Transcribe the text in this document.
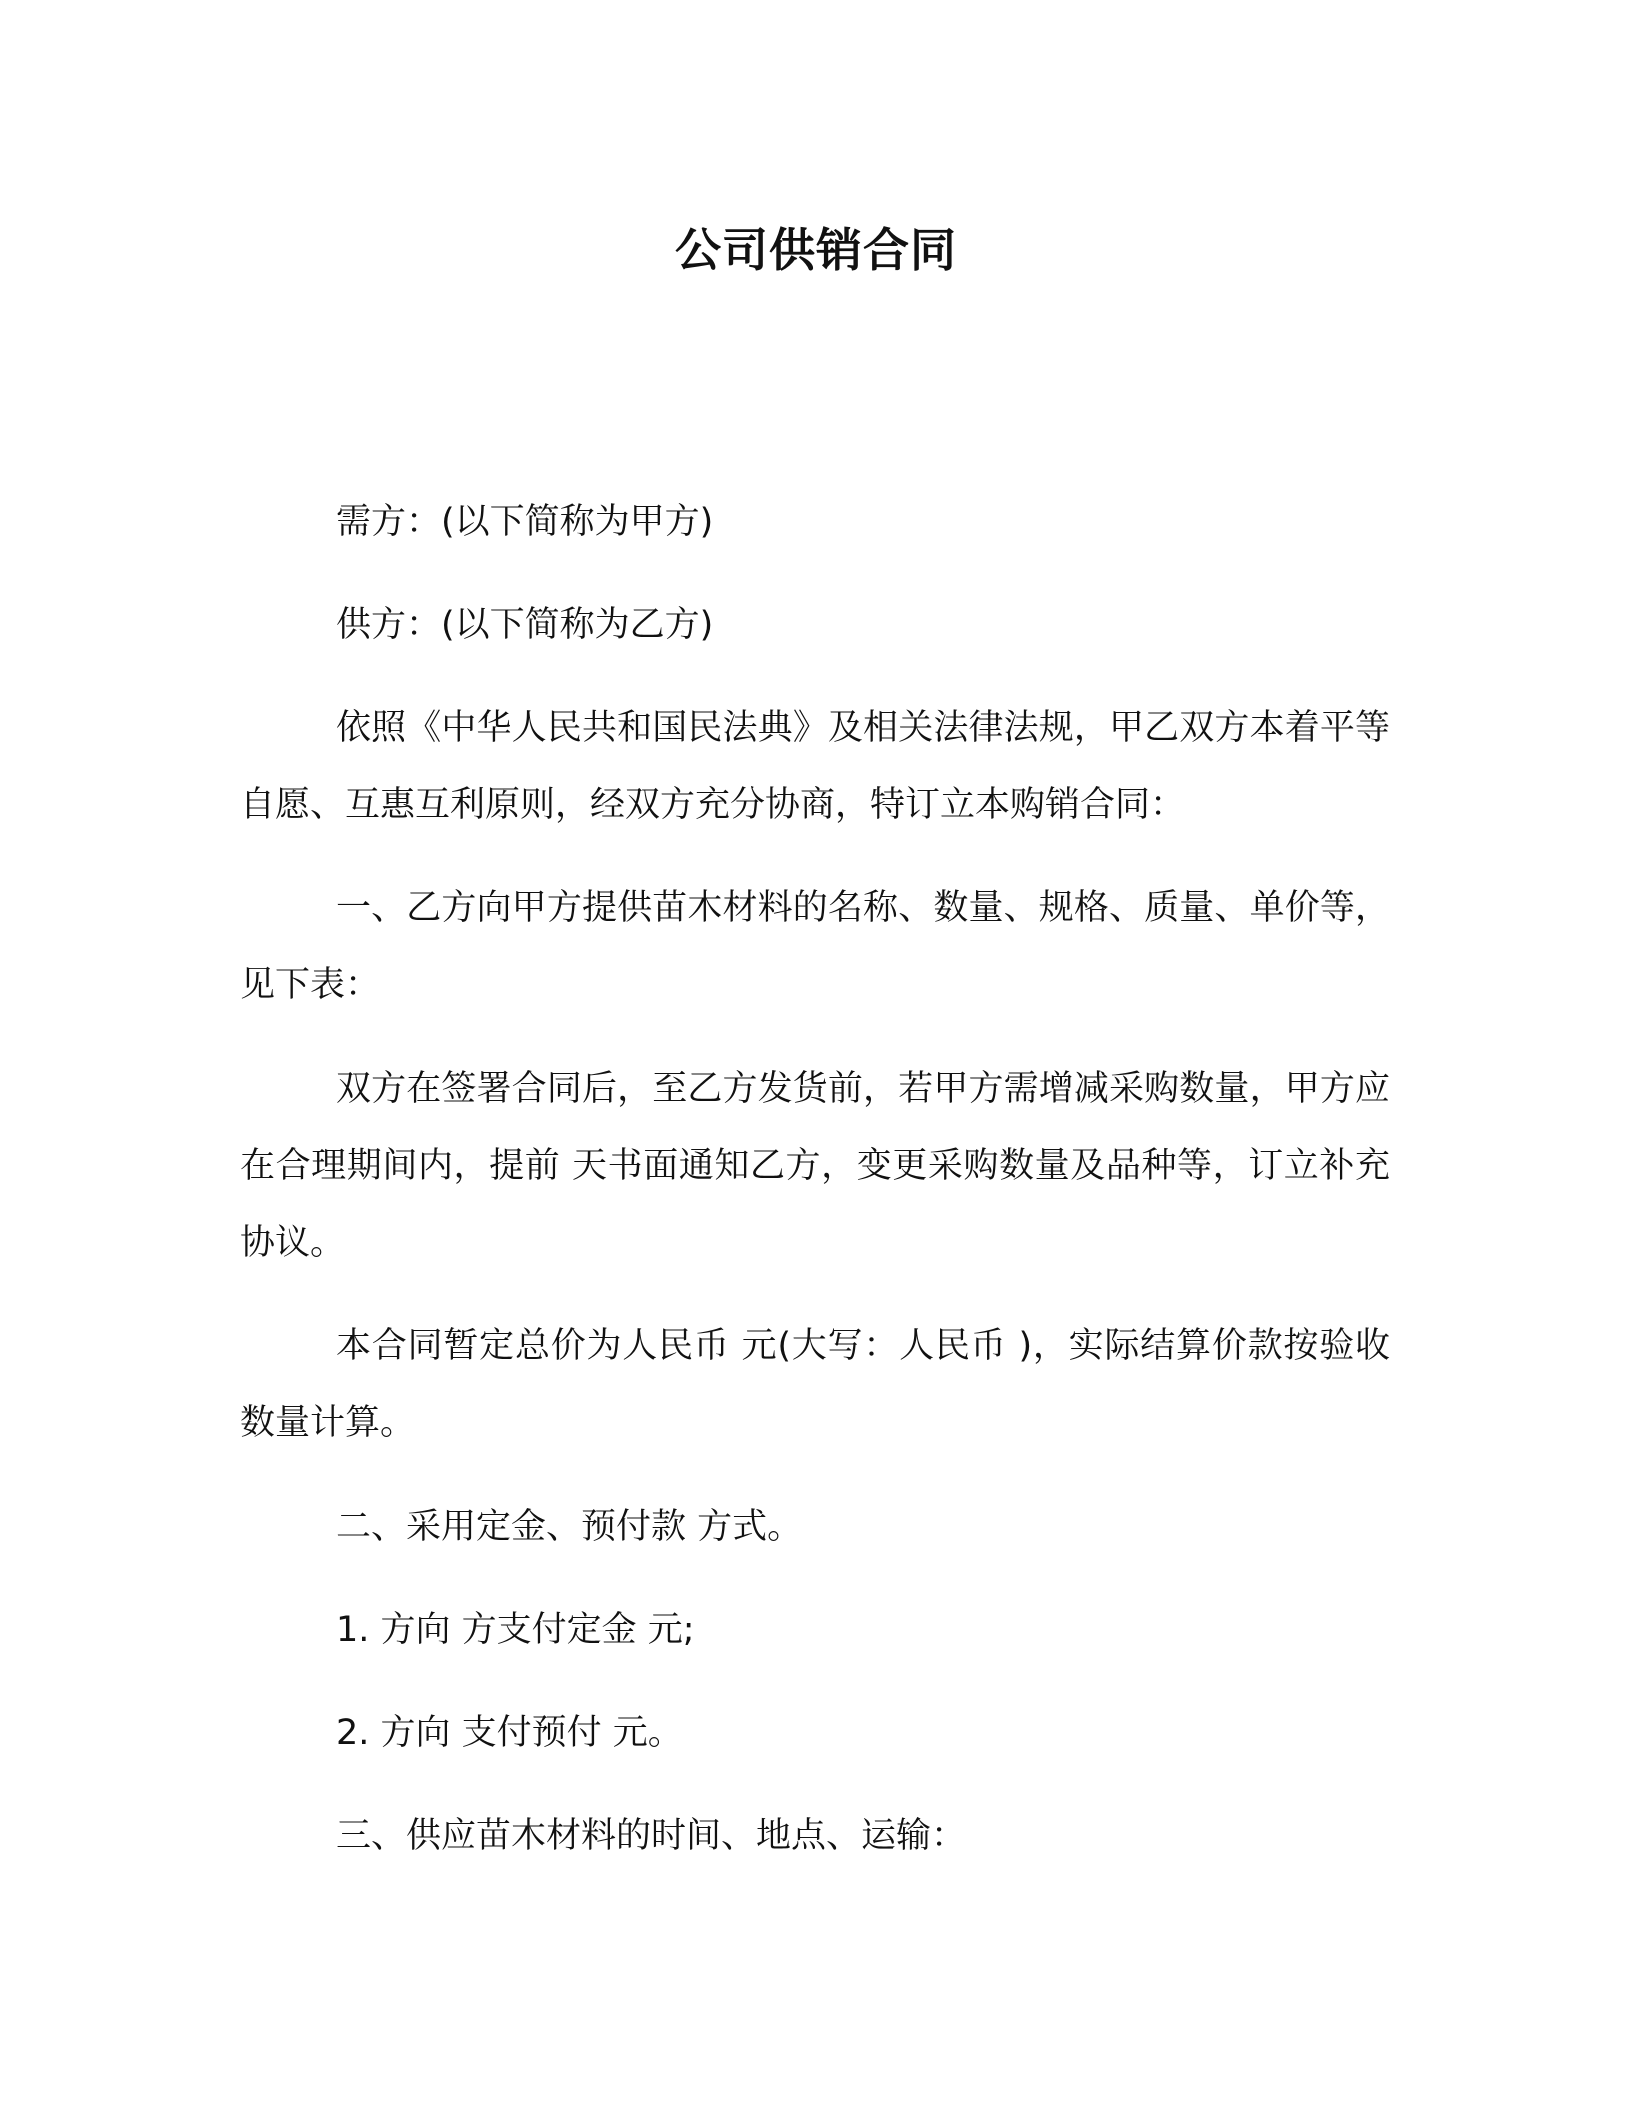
公司供销合同
需方：(以下简称为甲方)
供方：(以下简称为乙方)
依照《中华人民共和国民法典》及相关法律法规，甲乙双方本着平等自愿、互惠互利原则，经双方充分协商，特订立本购销合同：
一、乙方向甲方提供苗木材料的名称、数量、规格、质量、单价等，见下表：
双方在签署合同后，至乙方发货前，若甲方需增减采购数量，甲方应在合理期间内，提前 天书面通知乙方，变更采购数量及品种等，订立补充协议。
本合同暂定总价为人民币 元(大写：人民币 )，实际结算价款按验收数量计算。
二、采用定金、预付款 方式。
1. 方向 方支付定金 元;
2. 方向 支付预付 元。
三、供应苗木材料的时间、地点、运输：
